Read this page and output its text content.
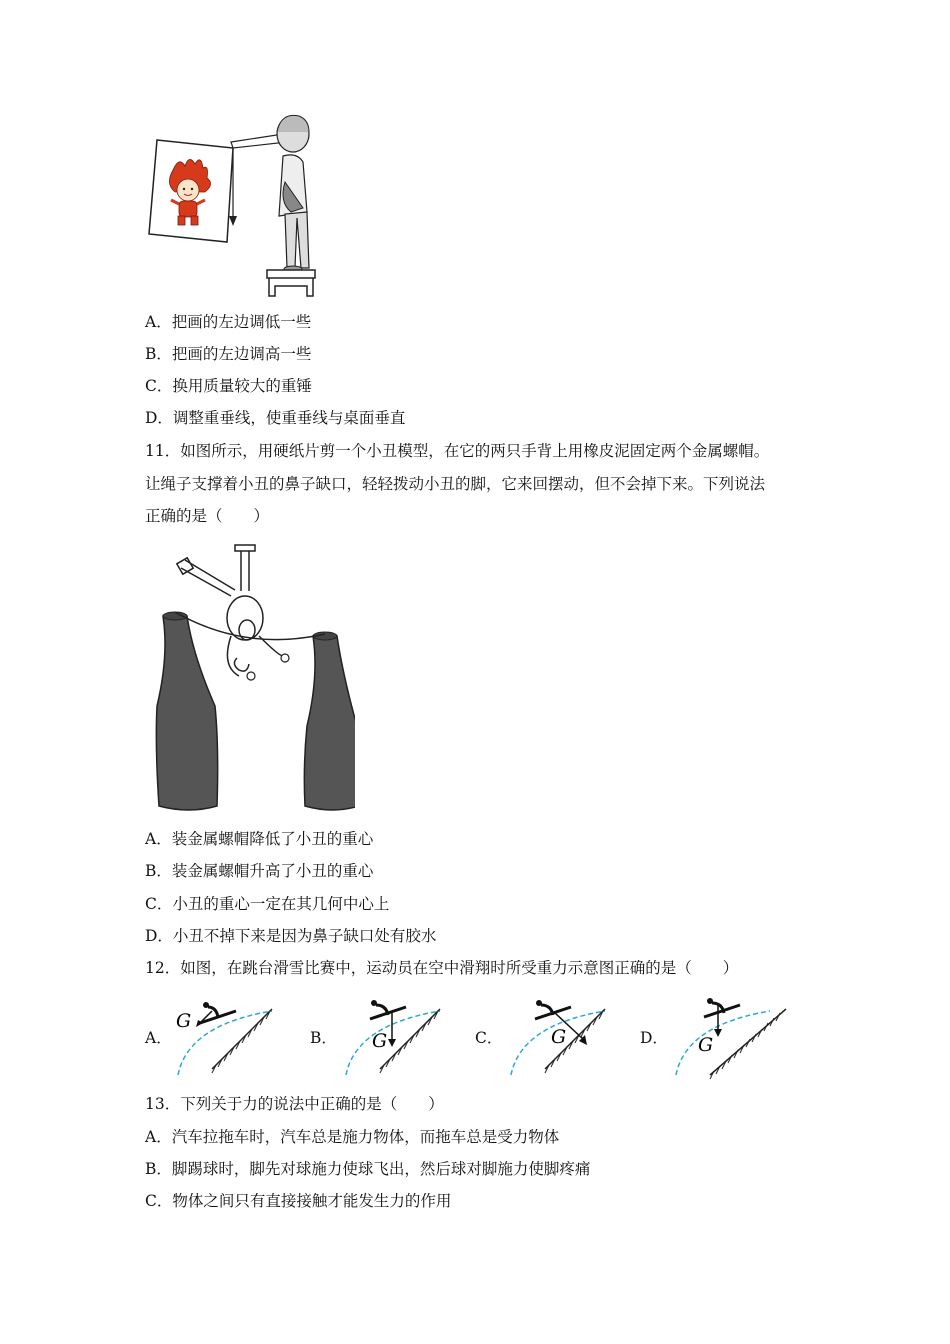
A．把画的左边调低一些
B．把画的左边调高一些
C．换用质量较大的重锤
D．调整重垂线，使重垂线与桌面垂直
11．如图所示，用硬纸片剪一个小丑模型，在它的两只手背上用橡皮泥固定两个金属螺帽。
让绳子支撑着小丑的鼻子缺口，轻轻拨动小丑的脚，它来回摆动，但不会掉下来。下列说法
正确的是（　　）
A．装金属螺帽降低了小丑的重心
B．装金属螺帽升高了小丑的重心
C．小丑的重心一定在其几何中心上
D．小丑不掉下来是因为鼻子缺口处有胶水
12．如图，在跳台滑雪比赛中，运动员在空中滑翔时所受重力示意图正确的是（　　）
A．	B．	C．	D．
G
G	G	G
13．下列关于力的说法中正确的是（　　）
A．汽车拉拖车时，汽车总是施力物体，而拖车总是受力物体
B．脚踢球时，脚先对球施力使球飞出，然后球对脚施力使脚疼痛
C．物体之间只有直接接触才能发生力的作用
